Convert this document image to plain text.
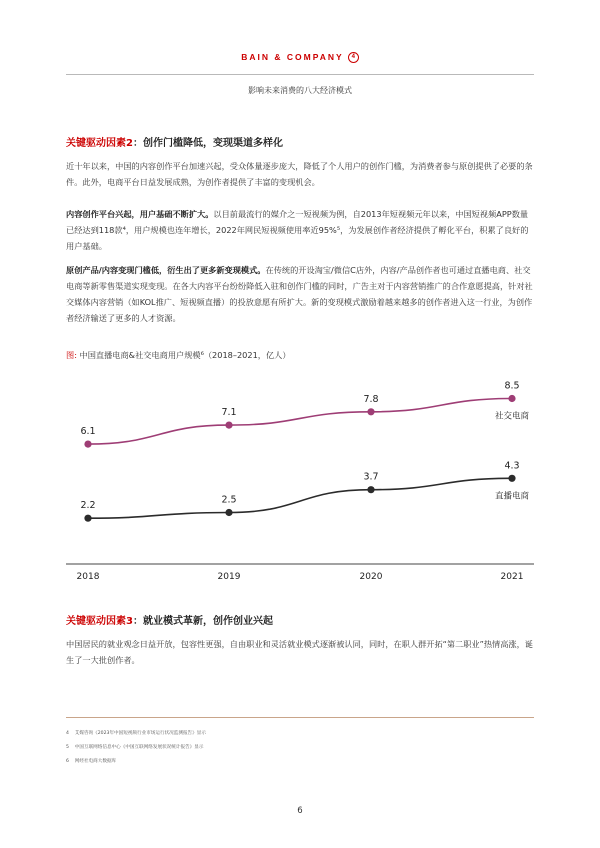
BAIN & COMPANY 4
影响未来消费的八大经济模式
关键驱动因素2：创作门槛降低，变现渠道多样化
近十年以来，中国的内容创作平台加速兴起，受众体量逐步庞大，降低了个人用户的创作门槛，为消费者参与原创提供了必要的条件。此外，电商平台日益发展成熟，为创作者提供了丰富的变现机会。
内容创作平台兴起，用户基础不断扩大。以目前最流行的媒介之一短视频为例，自2013年短视频元年以来，中国短视频APP数量已经达到118款⁴，用户规模也连年增长，2022年网民短视频使用率近95%⁵，为发展创作者经济提供了孵化平台，积累了良好的用户基础。
原创产品/内容变现门槛低，衍生出了更多新变现模式。在传统的开设淘宝/微信C店外，内容/产品创作者也可通过直播电商、社交电商等新零售渠道实现变现。在各大内容平台纷纷降低入驻和创作门槛的同时，广告主对于内容营销推广的合作意愿提高，针对社交媒体内容营销（如KOL推广、短视频直播）的投放意愿有所扩大。新的变现模式激励着越来越多的创作者进入这一行业，为创作者经济输送了更多的人才资源。
图: 中国直播电商&社交电商用户规模⁶（2018–2021，亿人）
2018	2019	2020	2021
6.1
7.1
7.8
8.5
社交电商
2.2
2.5
3.7
4.3
直播电商
关键驱动因素3：就业模式革新，创作创业兴起
中国居民的就业观念日益开放，包容性更强，自由职业和灵活就业模式逐渐被认同，同时，在职人群开拓“第二职业”热情高涨，诞生了一大批创作者。
4 艾媒咨询《2023年中国短视频行业市场运行状况监测报告》显示
5 中国互联网络信息中心《中国互联网络发展状况统计报告》显示
6 网经社电商大数据库
6
